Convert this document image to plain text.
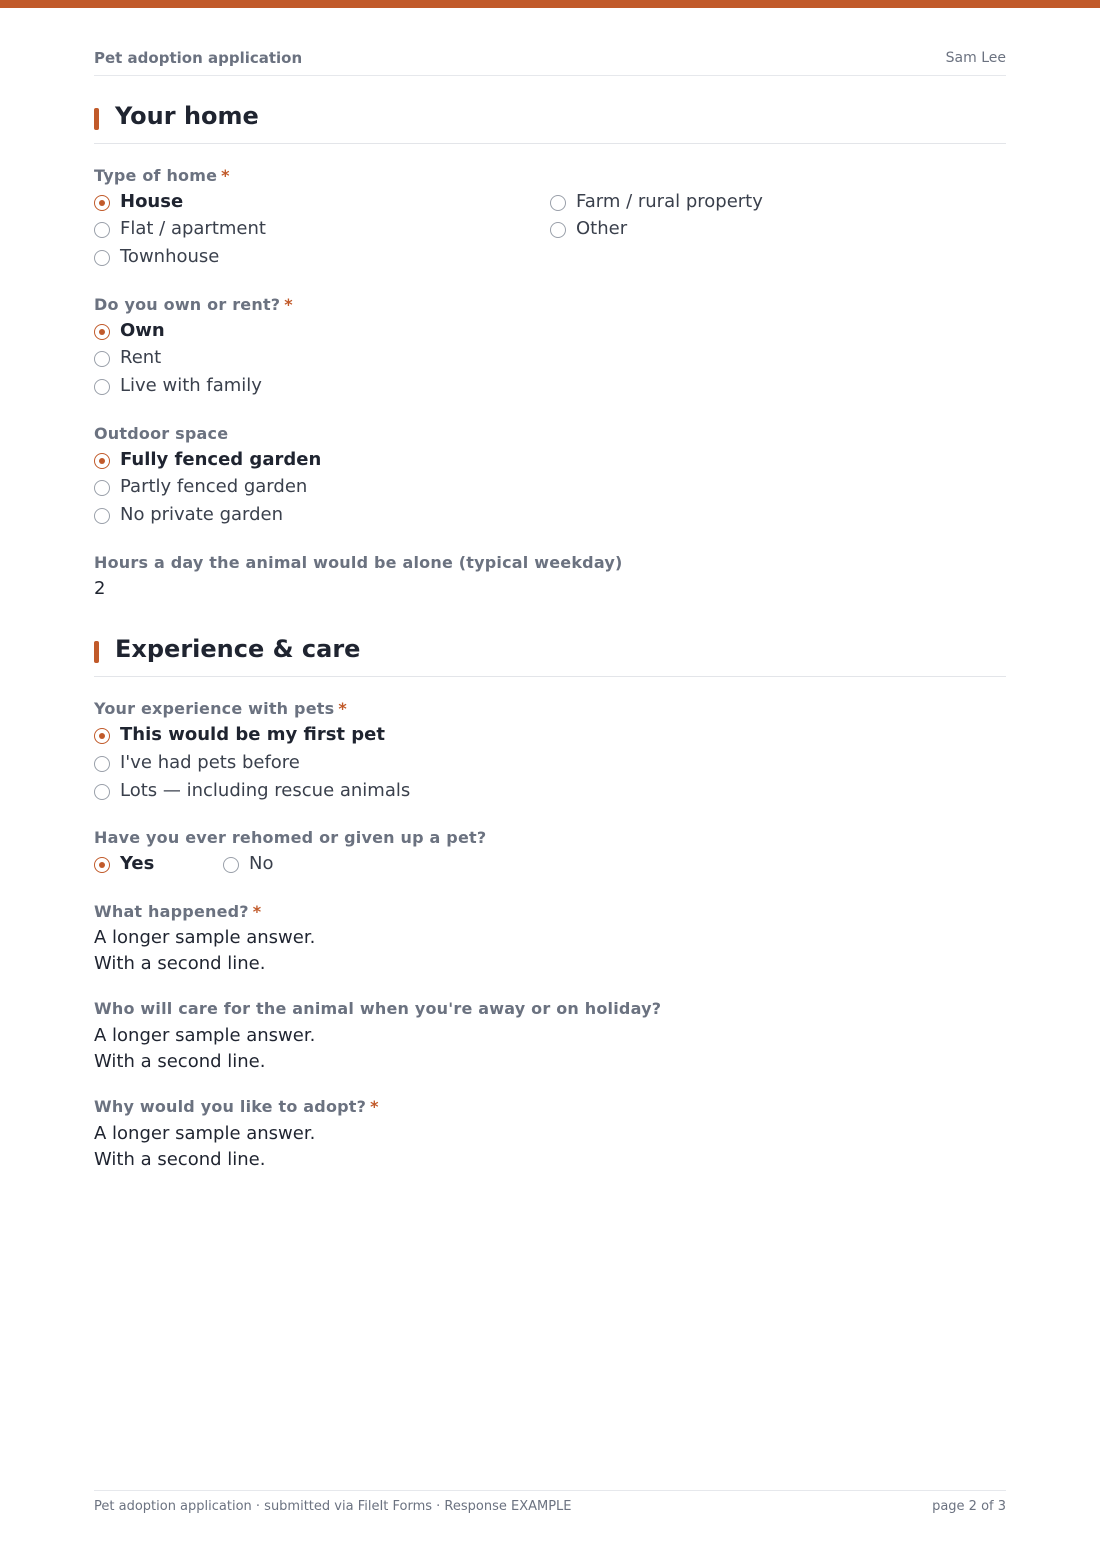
Pet adoption application	Sam Lee
Your home
Type of home *
House
Flat / apartment
Townhouse
Farm / rural property
Other
Do you own or rent? *
Own
Rent
Live with family
Outdoor space
Fully fenced garden
Partly fenced garden
No private garden
Hours a day the animal would be alone (typical weekday)
2
Experience & care
Your experience with pets *
This would be my first pet
I've had pets before
Lots — including rescue animals
Have you ever rehomed or given up a pet?
Yes	No
What happened? *
A longer sample answer.
With a second line.
Who will care for the animal when you're away or on holiday?
A longer sample answer.
With a second line.
Why would you like to adopt? *
A longer sample answer.
With a second line.
Pet adoption application · submitted via FileIt Forms · Response EXAMPLE	page 2 of 3
